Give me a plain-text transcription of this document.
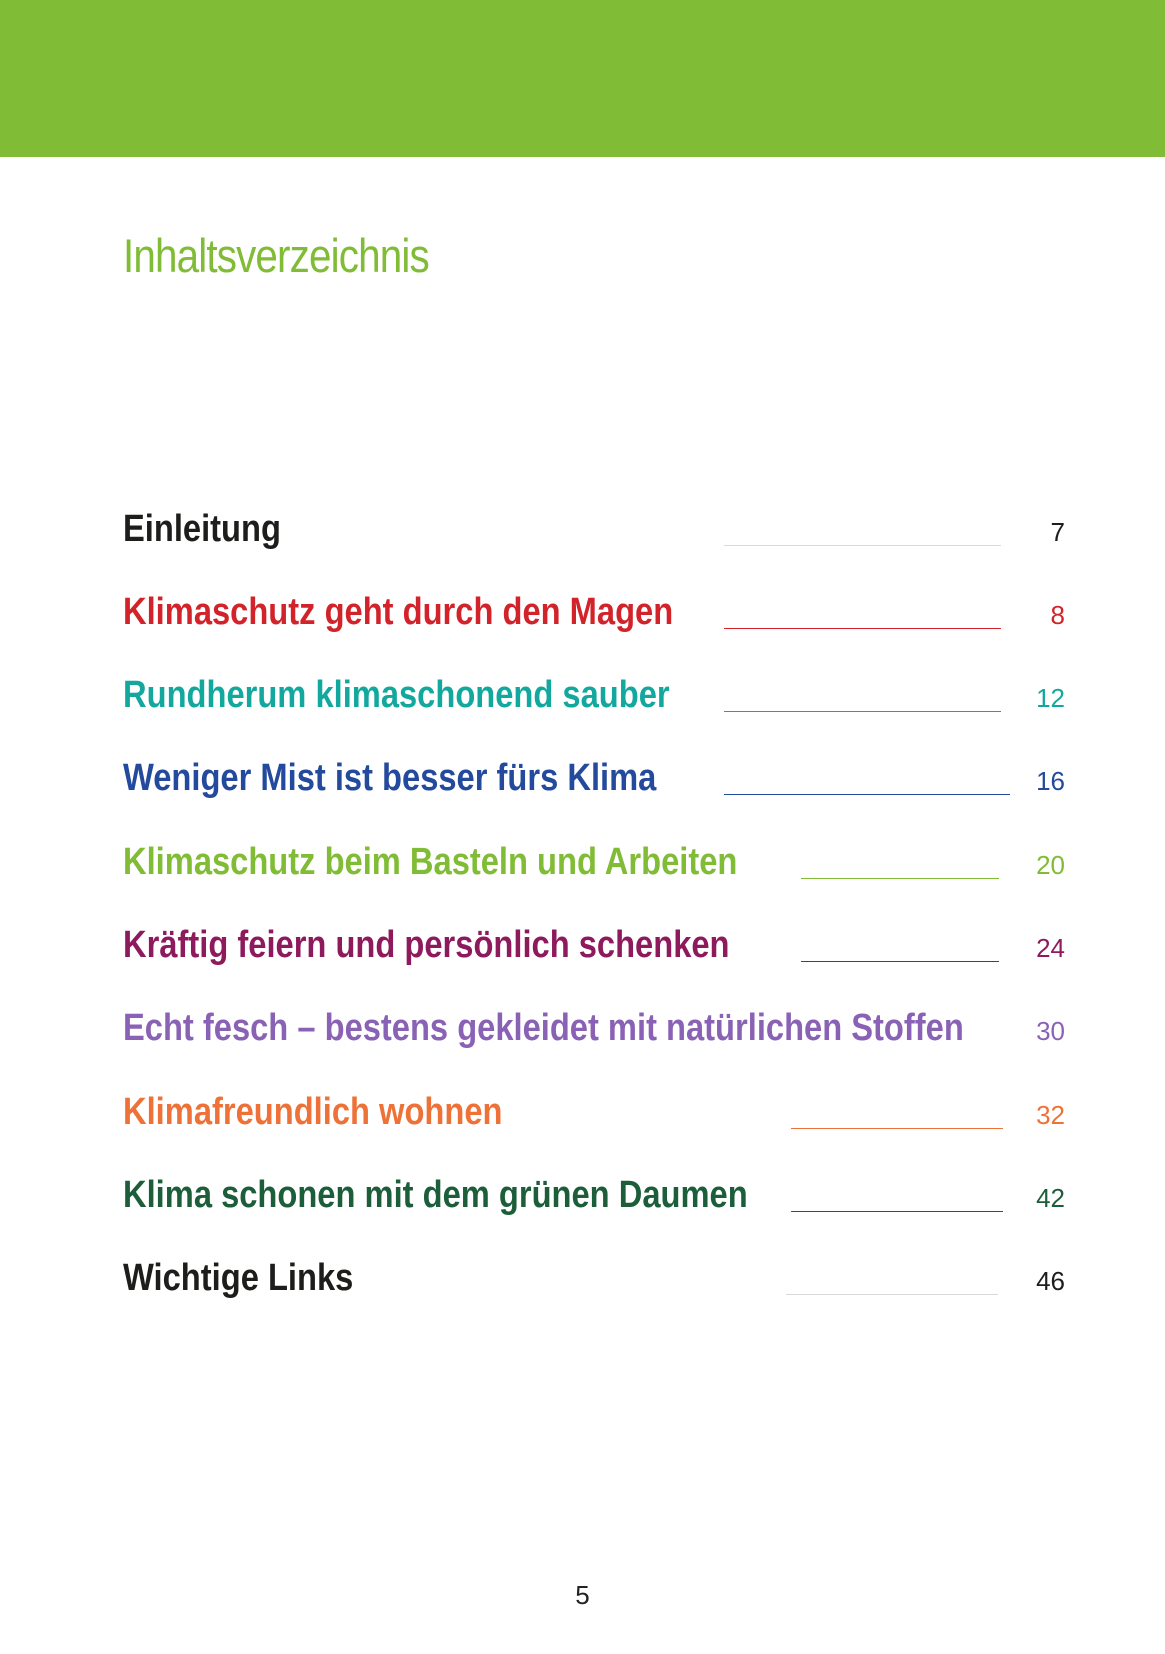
Inhaltsverzeichnis
Einleitung	7
Klimaschutz geht durch den Magen	8
Rundherum klimaschonend sauber	12
Weniger Mist ist besser fürs Klima	16
Klimaschutz beim Basteln und Arbeiten	20
Kräftig feiern und persönlich schenken	24
Echt fesch – bestens gekleidet mit natürlichen Stoffen	30
Klimafreundlich wohnen	32
Klima schonen mit dem grünen Daumen	42
Wichtige Links	46
5
